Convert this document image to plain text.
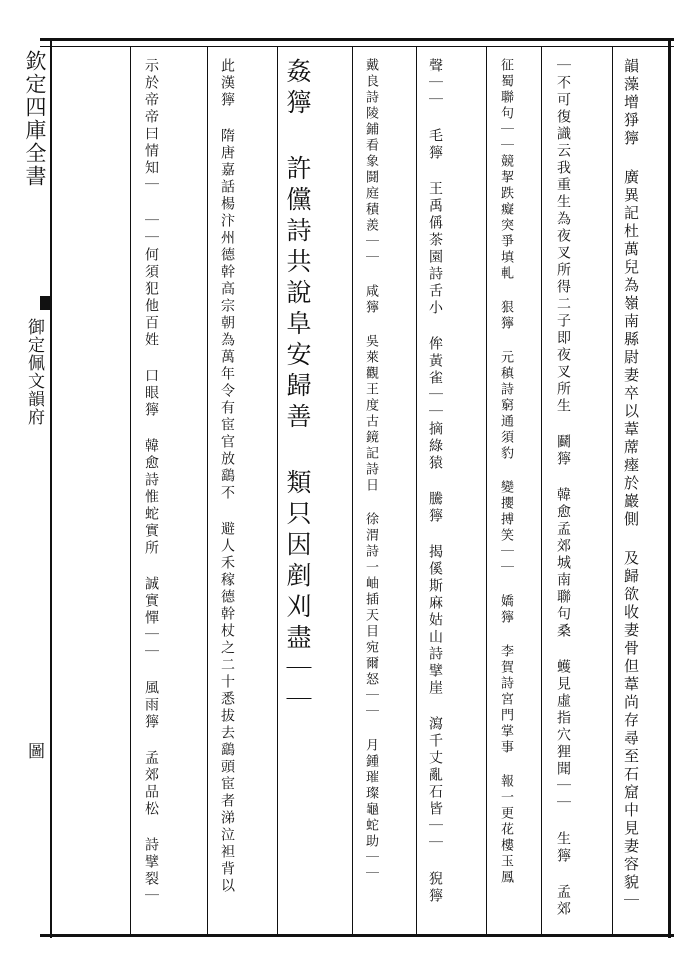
欽定四庫全書
御定佩文韻府
圖	韻藻增猙獰 廣異記杜萬兒為嶺南縣尉妻卒以葦蓆瘞於巖側 及歸欲收妻骨但葦尚存尋至石窟中見妻容貌｜
｜不可復識云我重生為夜叉所得二子即夜叉所生 鬬獰 韓愈孟郊城南聯句桑 蠖見虛指穴狸聞｜｜ 生獰 孟郊
征蜀聯句｜｜競挈跌癡突爭填軋 狠獰 元稹詩窮通須豹 變攖搏笑｜｜ 嬌獰 李賀詩宮門掌事 報一更花樓玉鳳
聲｜｜ 毛獰 王禹偁茶園詩舌小 侔黃雀｜｜摘綠猿 騰獰 揭傒斯麻姑山詩擘崖 瀉千丈亂石皆｜｜ 猊獰
戴良詩陵鋪看象鬪庭積羨｜｜ 咸獰 吳萊觀王度古鏡記詩日 徐渭詩一岫插天目宛爾怒｜｜ 月鍾璀璨龜蛇助｜｜
姦獰 許儻詩共說阜安歸善 類只因剷刈盡｜｜
此漢獰 隋唐嘉話楊汴州德幹高宗朝為萬年令有宦官放鷂不 避人禾稼德幹杖之二十悉拔去鷂頭宦者涕泣袒背以
示於帝帝曰情知｜ ｜｜何須犯他百姓 口眼獰 韓愈詩惟蛇實所 誠實憚｜｜ 風雨獰 孟郊品松 詩擘裂｜
